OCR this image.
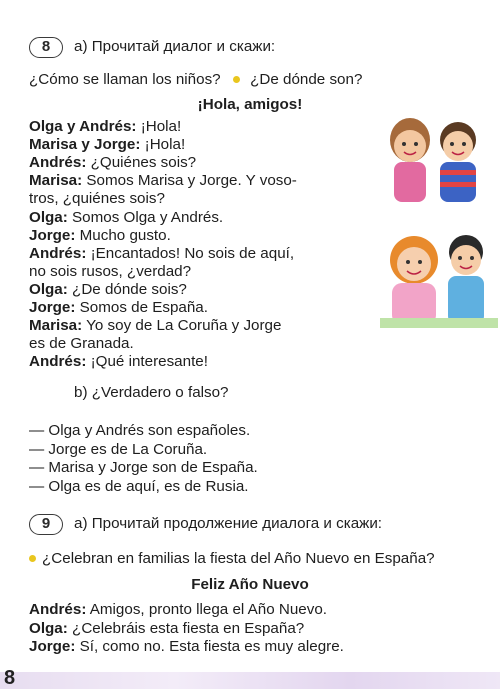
8	a) Прочитай диалог и скажи:
¿Cómo se llaman los niños? ¿De dónde son?
¡Hola, amigos!
Olga y Andrés: ¡Hola!
Marisa y Jorge: ¡Hola!
Andrés: ¿Quiénes sois?
Marisa: Somos Marisa y Jorge. Y voso-
tros, ¿quiénes sois?
Olga: Somos Olga y Andrés.
Jorge: Mucho gusto.
Andrés: ¡Encantados! No sois de aquí,
no sois rusos, ¿verdad?
Olga: ¿De dónde sois?
Jorge: Somos de España.
Marisa: Yo soy de La Coruña y Jorge
es de Granada.
Andrés: ¡Qué interesante!
b) ¿Verdadero o falso?
— Olga y Andrés son españoles.
— Jorge es de La Coruña.
— Marisa y Jorge son de España.
— Olga es de aquí, es de Rusia.
9	a) Прочитай продолжение диалога и скажи:
¿Celebran en familias la fiesta del Año Nuevo en España?
Feliz Año Nuevo
Andrés: Amigos, pronto llega el Año Nuevo.
Olga: ¿Celebráis esta fiesta en España?
Jorge: Sí, como no. Esta fiesta es muy alegre.
8
